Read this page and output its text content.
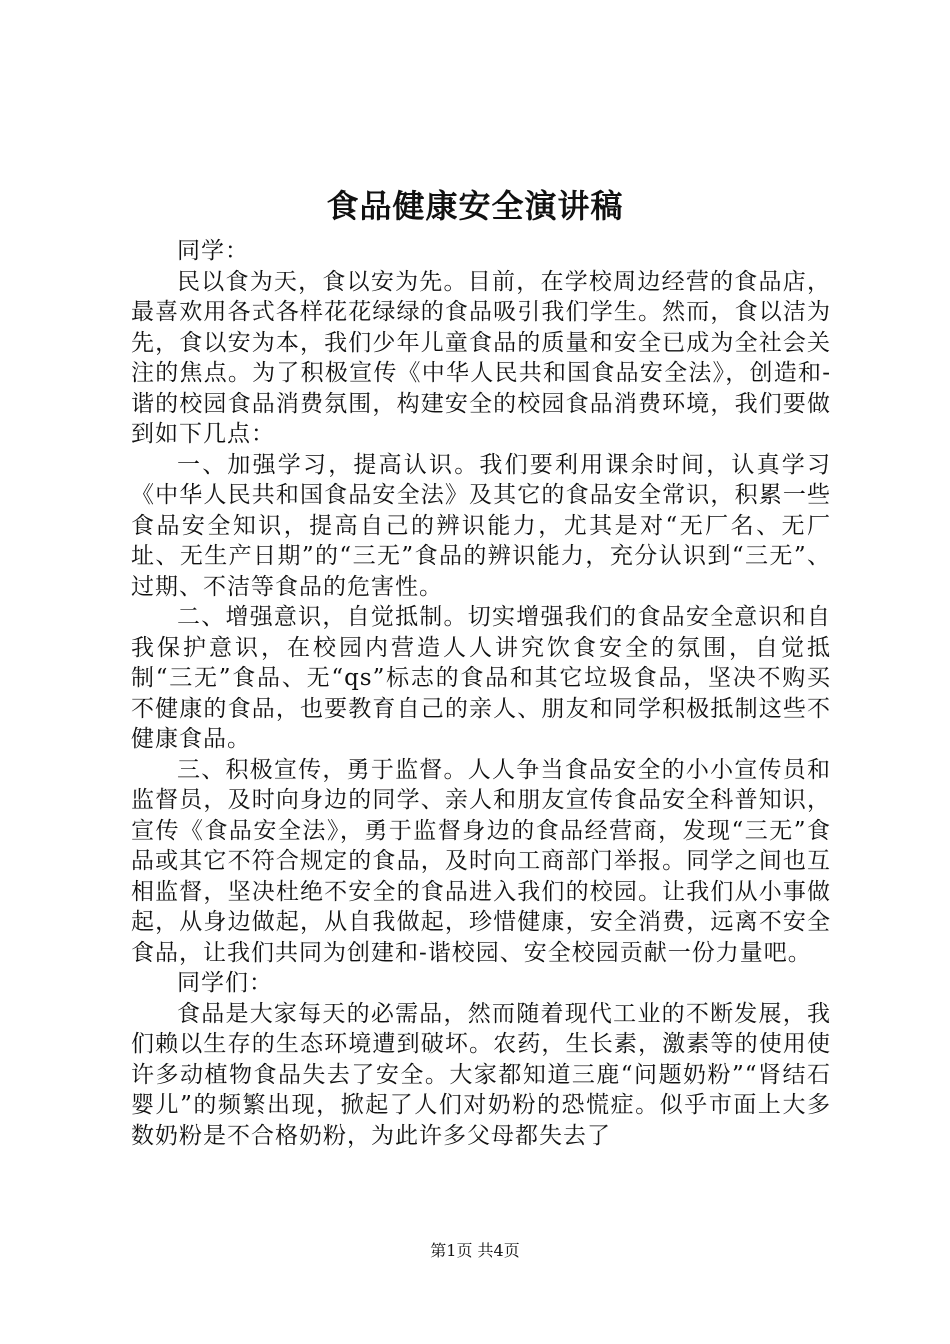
食品健康安全演讲稿

同学：

民以食为天，食以安为先。目前，在学校周边经营的食品店，最喜欢用各式各样花花绿绿的食品吸引我们学生。然而，食以洁为先，食以安为本，我们少年儿童食品的质量和安全已成为全社会关注的焦点。为了积极宣传《中华人民共和国食品安全法》，创造和-谐的校园食品消费氛围，构建安全的校园食品消费环境，我们要做到如下几点：

一、加强学习，提高认识。我们要利用课余时间，认真学习《中华人民共和国食品安全法》及其它的食品安全常识，积累一些食品安全知识，提高自己的辨识能力，尤其是对“无厂名、无厂址、无生产日期”的“三无”食品的辨识能力，充分认识到“三无”、过期、不洁等食品的危害性。

二、增强意识，自觉抵制。切实增强我们的食品安全意识和自我保护意识，在校园内营造人人讲究饮食安全的氛围，自觉抵制“三无”食品、无“qs”标志的食品和其它垃圾食品，坚决不购买不健康的食品，也要教育自己的亲人、朋友和同学积极抵制这些不健康食品。

三、积极宣传，勇于监督。人人争当食品安全的小小宣传员和监督员，及时向身边的同学、亲人和朋友宣传食品安全科普知识，宣传《食品安全法》，勇于监督身边的食品经营商，发现“三无”食品或其它不符合规定的食品，及时向工商部门举报。同学之间也互相监督，坚决杜绝不安全的食品进入我们的校园。让我们从小事做起，从身边做起，从自我做起，珍惜健康，安全消费，远离不安全食品，让我们共同为创建和-谐校园、安全校园贡献一份力量吧。

同学们：

食品是大家每天的必需品，然而随着现代工业的不断发展，我们赖以生存的生态环境遭到破坏。农药，生长素，激素等的使用使许多动植物食品失去了安全。大家都知道三鹿“问题奶粉”“肾结石婴儿”的频繁出现，掀起了人们对奶粉的恐慌症。似乎市面上大多数奶粉是不合格奶粉，为此许多父母都失去了

第1页 共4页
